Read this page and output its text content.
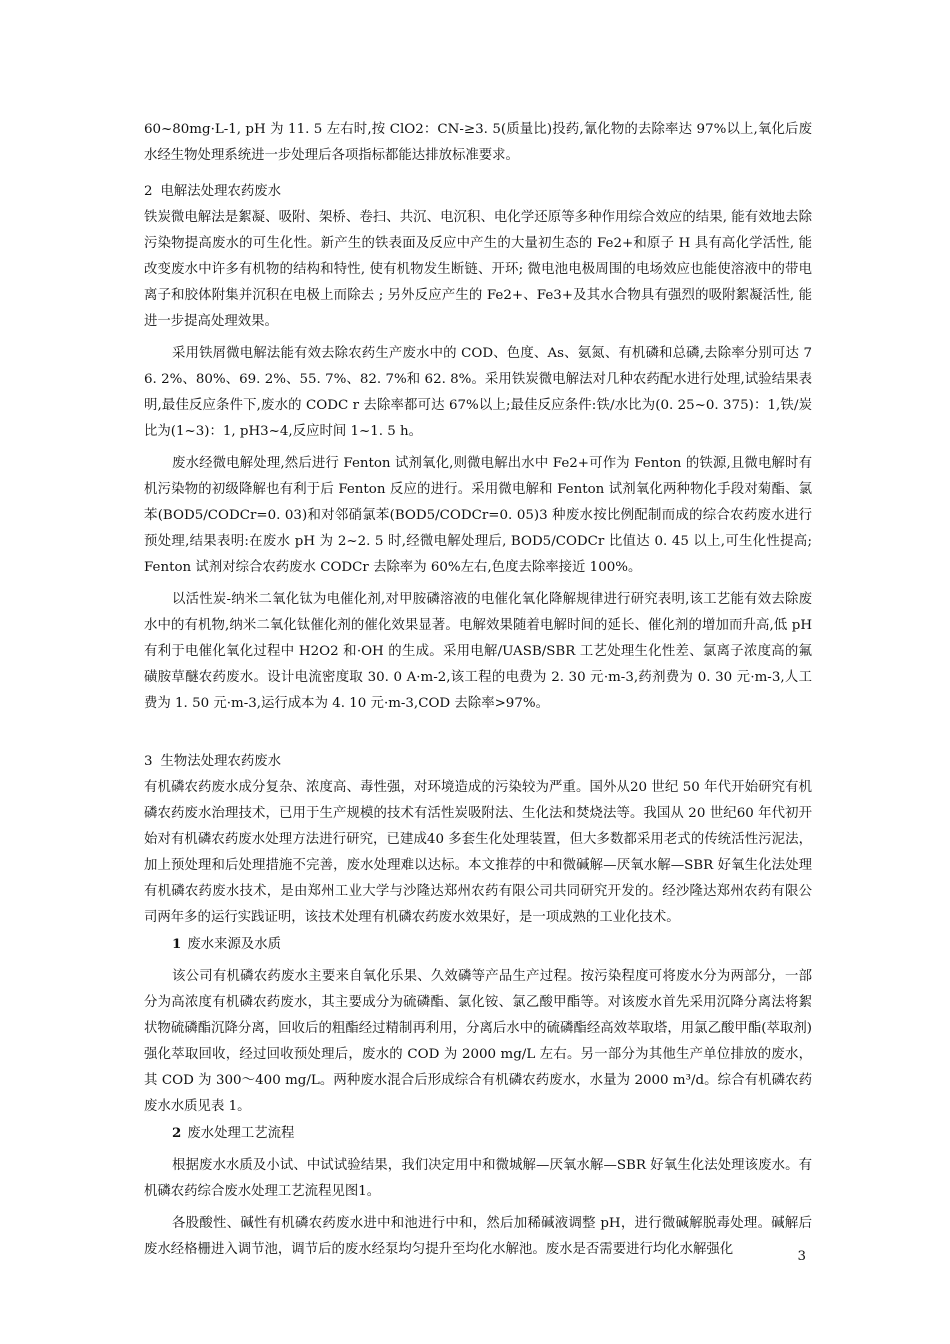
60~80mg·L-1, pH 为 11. 5 左右时,按 ClO2：CN-≥3. 5(质量比)投药,氰化物的去除率达 97%以上,氧化后废水经生物处理系统进一步处理后各项指标都能达排放标准要求。

2 电解法处理农药废水

铁炭微电解法是絮凝、吸附、架桥、卷扫、共沉、电沉积、电化学还原等多种作用综合效应的结果, 能有效地去除污染物提高废水的可生化性。新产生的铁表面及反应中产生的大量初生态的 Fe2+和原子 H 具有高化学活性, 能改变废水中许多有机物的结构和特性, 使有机物发生断链、开环; 微电池电极周围的电场效应也能使溶液中的带电离子和胶体附集并沉积在电极上而除去 ; 另外反应产生的 Fe2+、Fe3+及其水合物具有强烈的吸附絮凝活性, 能进一步提高处理效果。

采用铁屑微电解法能有效去除农药生产废水中的 COD、色度、As、氨氮、有机磷和总磷,去除率分别可达 76. 2%、80%、69. 2%、55. 7%、82. 7%和 62. 8%。采用铁炭微电解法对几种农药配水进行处理,试验结果表明,最佳反应条件下,废水的 CODC r 去除率都可达 67%以上;最佳反应条件:铁/水比为(0. 25~0. 375)：1,铁/炭比为(1~3)：1, pH3~4,反应时间 1~1. 5 h。

废水经微电解处理,然后进行 Fenton 试剂氧化,则微电解出水中 Fe2+可作为 Fenton 的铁源,且微电解时有机污染物的初级降解也有利于后 Fenton 反应的进行。采用微电解和 Fenton 试剂氧化两种物化手段对菊酯、氯苯(BOD5/CODCr=0. 03)和对邻硝氯苯(BOD5/CODCr=0. 05)3 种废水按比例配制而成的综合农药废水进行预处理,结果表明:在废水 pH 为 2~2. 5 时,经微电解处理后, BOD5/CODCr 比值达 0. 45 以上,可生化性提高; Fenton 试剂对综合农药废水 CODCr 去除率为 60%左右,色度去除率接近 100%。

以活性炭-纳米二氧化钛为电催化剂,对甲胺磷溶液的电催化氧化降解规律进行研究表明,该工艺能有效去除废水中的有机物,纳米二氧化钛催化剂的催化效果显著。电解效果随着电解时间的延长、催化剂的增加而升高,低 pH 有利于电催化氧化过程中 H2O2 和·OH 的生成。采用电解/UASB/SBR 工艺处理生化性差、氯离子浓度高的氟磺胺草醚农药废水。设计电流密度取 30. 0 A·m-2,该工程的电费为 2. 30 元·m-3,药剂费为 0. 30 元·m-3,人工费为 1. 50 元·m-3,运行成本为 4. 10 元·m-3,COD 去除率>97%。

3 生物法处理农药废水

有机磷农药废水成分复杂、浓度高、毒性强，对环境造成的污染较为严重。国外从20 世纪 50 年代开始研究有机磷农药废水治理技术，已用于生产规模的技术有活性炭吸附法、生化法和焚烧法等。我国从 20 世纪60 年代初开始对有机磷农药废水处理方法进行研究，已建成40 多套生化处理装置，但大多数都采用老式的传统活性污泥法，加上预处理和后处理措施不完善，废水处理难以达标。本文推荐的中和微碱解—厌氧水解—SBR 好氧生化法处理有机磷农药废水技术，是由郑州工业大学与沙隆达郑州农药有限公司共同研究开发的。经沙隆达郑州农药有限公司两年多的运行实践证明，该技术处理有机磷农药废水效果好，是一项成熟的工业化技术。

1 废水来源及水质

该公司有机磷农药废水主要来自氧化乐果、久效磷等产品生产过程。按污染程度可将废水分为两部分，一部分为高浓度有机磷农药废水，其主要成分为硫磷酯、氯化铵、氯乙酸甲酯等。对该废水首先采用沉降分离法将絮状物硫磷酯沉降分离，回收后的粗酯经过精制再利用，分离后水中的硫磷酯经高效萃取塔，用氯乙酸甲酯(萃取剂)强化萃取回收，经过回收预处理后，废水的 COD 为 2000 mg/L 左右。另一部分为其他生产单位排放的废水，其 COD 为 300～400 mg/L。两种废水混合后形成综合有机磷农药废水，水量为 2000 m³/d。综合有机磷农药废水水质见表 1。

2 废水处理工艺流程

根据废水水质及小试、中试试验结果，我们决定用中和微城解—厌氧水解—SBR 好氧生化法处理该废水。有机磷农药综合废水处理工艺流程见图1。

各股酸性、碱性有机磷农药废水进中和池进行中和，然后加稀碱液调整 pH，进行微碱解脱毒处理。碱解后废水经格栅进入调节池，调节后的废水经泵均匀提升至均化水解池。废水是否需要进行均化水解强化	3
